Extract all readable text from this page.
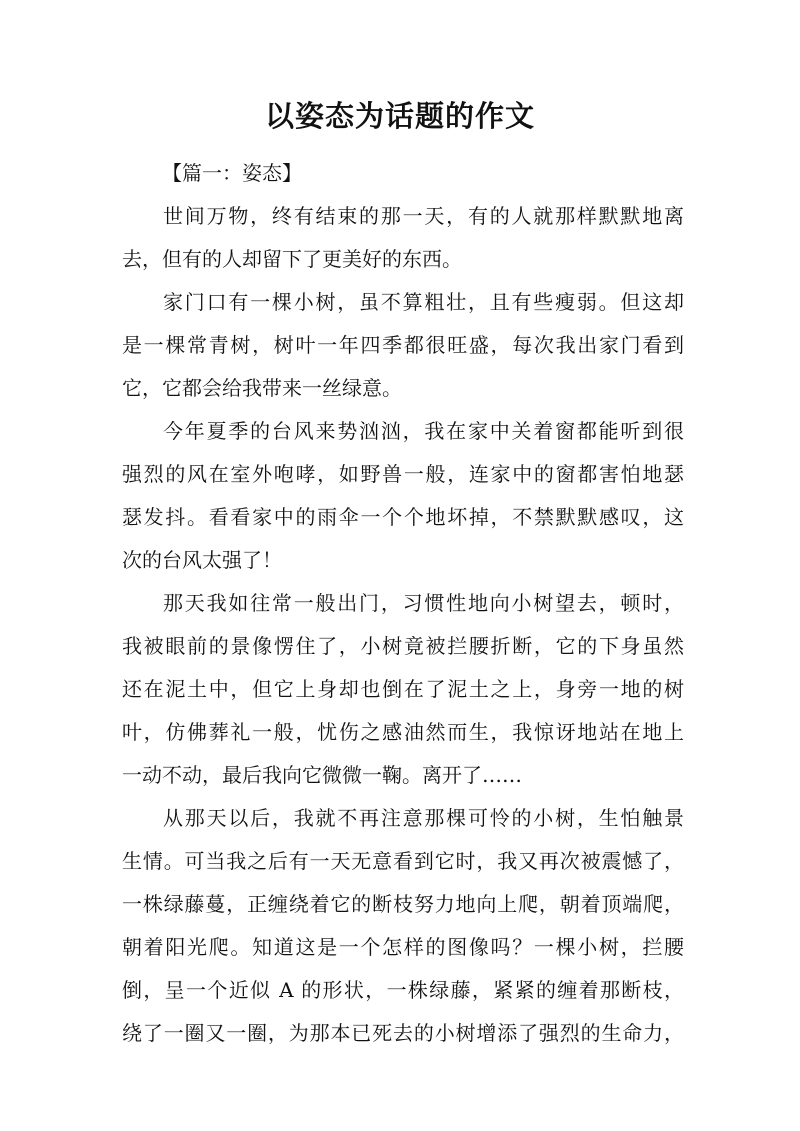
以姿态为话题的作文

【篇一：姿态】

世间万物，终有结束的那一天，有的人就那样默默地离
去，但有的人却留下了更美好的东西。

家门口有一棵小树，虽不算粗壮，且有些瘦弱。但这却
是一棵常青树，树叶一年四季都很旺盛，每次我出家门看到
它，它都会给我带来一丝绿意。

今年夏季的台风来势汹汹，我在家中关着窗都能听到很
强烈的风在室外咆哮，如野兽一般，连家中的窗都害怕地瑟
瑟发抖。看看家中的雨伞一个个地坏掉，不禁默默感叹，这
次的台风太强了！

那天我如往常一般出门，习惯性地向小树望去，顿时，
我被眼前的景像愣住了，小树竟被拦腰折断，它的下身虽然
还在泥土中，但它上身却也倒在了泥土之上，身旁一地的树
叶，仿佛葬礼一般，忧伤之感油然而生，我惊讶地站在地上
一动不动，最后我向它微微一鞠。离开了……

从那天以后，我就不再注意那棵可怜的小树，生怕触景
生情。可当我之后有一天无意看到它时，我又再次被震憾了，
一株绿藤蔓，正缠绕着它的断枝努力地向上爬，朝着顶端爬，
朝着阳光爬。知道这是一个怎样的图像吗？一棵小树，拦腰
倒，呈一个近似 A 的形状，一株绿藤，紧紧的缠着那断枝，
绕了一圈又一圈，为那本已死去的小树增添了强烈的生命力，
